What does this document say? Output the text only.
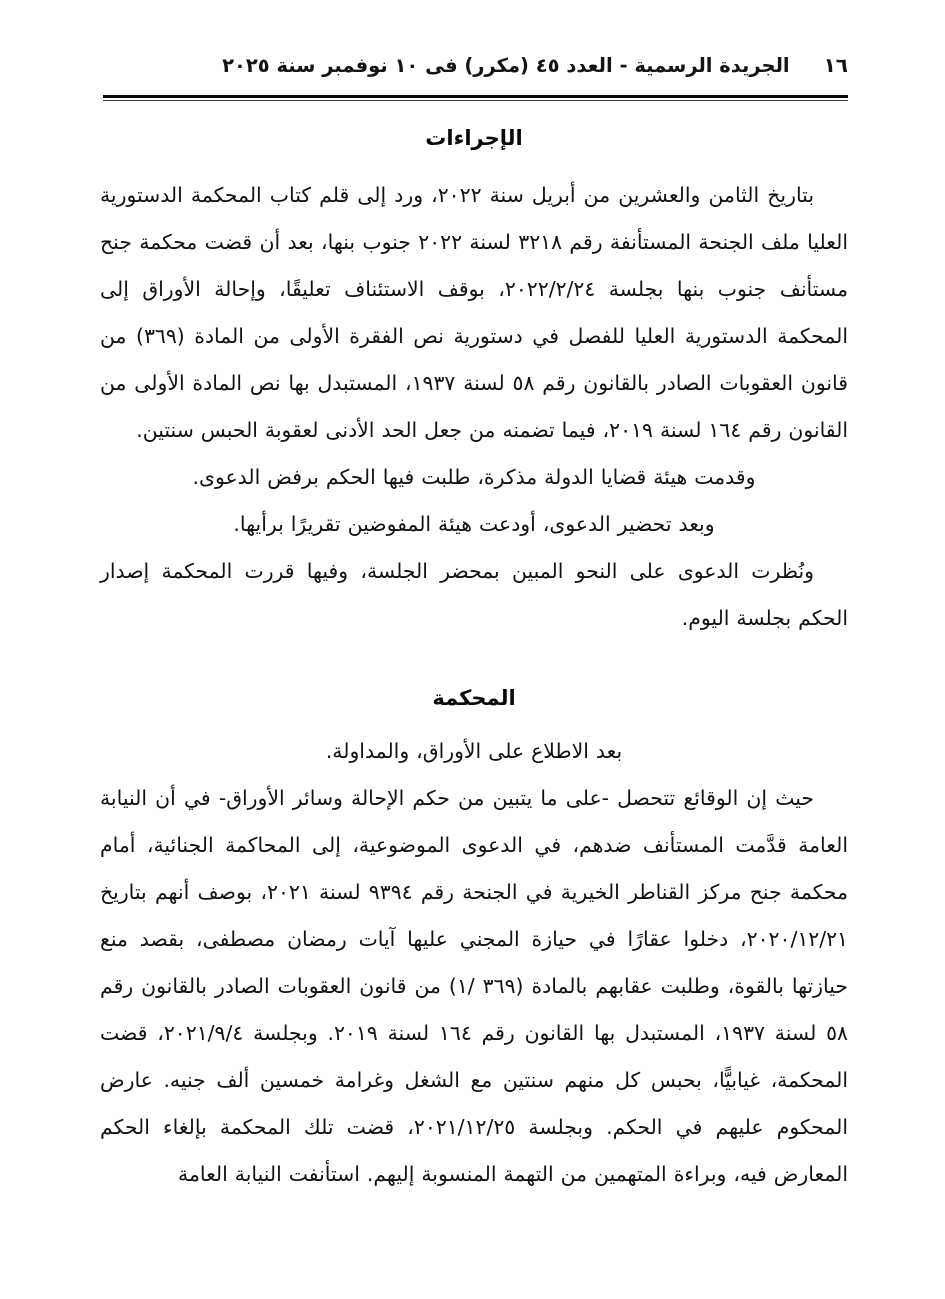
١٦
الجريدة الرسمية - العدد ٤٥ (مكرر) فى ١٠ نوفمبر سنة ٢٠٢٥
الإجراءات

بتاريخ الثامن والعشرين من أبريل سنة ٢٠٢٢، ورد إلى قلم كتاب المحكمة الدستورية العليا ملف الجنحة المستأنفة رقم ٣٢١٨ لسنة ٢٠٢٢ جنوب بنها، بعد أن قضت محكمة جنح مستأنف جنوب بنها بجلسة ٢٠٢٢/٢/٢٤، بوقف الاستئناف تعليقًا، وإحالة الأوراق إلى المحكمة الدستورية العليا للفصل في دستورية نص الفقرة الأولى من المادة (٣٦٩) من قانون العقوبات الصادر بالقانون رقم ٥٨ لسنة ١٩٣٧، المستبدل بها نص المادة الأولى من القانون رقم ١٦٤ لسنة ٢٠١٩، فيما تضمنه من جعل الحد الأدنى لعقوبة الحبس سنتين.

وقدمت هيئة قضايا الدولة مذكرة، طلبت فيها الحكم برفض الدعوى.

وبعد تحضير الدعوى، أودعت هيئة المفوضين تقريرًا برأيها.

ونُظرت الدعوى على النحو المبين بمحضر الجلسة، وفيها قررت المحكمة إصدار الحكم بجلسة اليوم.

المحكمة

بعد الاطلاع على الأوراق، والمداولة.

حيث إن الوقائع تتحصل -على ما يتبين من حكم الإحالة وسائر الأوراق- في أن النيابة العامة قدَّمت المستأنف ضدهم، في الدعوى الموضوعية، إلى المحاكمة الجنائية، أمام محكمة جنح مركز القناطر الخيرية في الجنحة رقم ٩٣٩٤ لسنة ٢٠٢١، بوصف أنهم بتاريخ ٢٠٢٠/١٢/٢١، دخلوا عقارًا في حيازة المجني عليها آيات رمضان مصطفى، بقصد منع حيازتها بالقوة، وطلبت عقابهم بالمادة (٣٦٩ /١) من قانون العقوبات الصادر بالقانون رقم ٥٨ لسنة ١٩٣٧، المستبدل بها القانون رقم ١٦٤ لسنة ٢٠١٩. وبجلسة ٢٠٢١/٩/٤، قضت المحكمة، غيابيًّا، بحبس كل منهم سنتين مع الشغل وغرامة خمسين ألف جنيه. عارض المحكوم عليهم في الحكم. وبجلسة ٢٠٢١/١٢/٢٥، قضت تلك المحكمة بإلغاء الحكم المعارض فيه، وبراءة المتهمين من التهمة المنسوبة إليهم. استأنفت النيابة العامة
